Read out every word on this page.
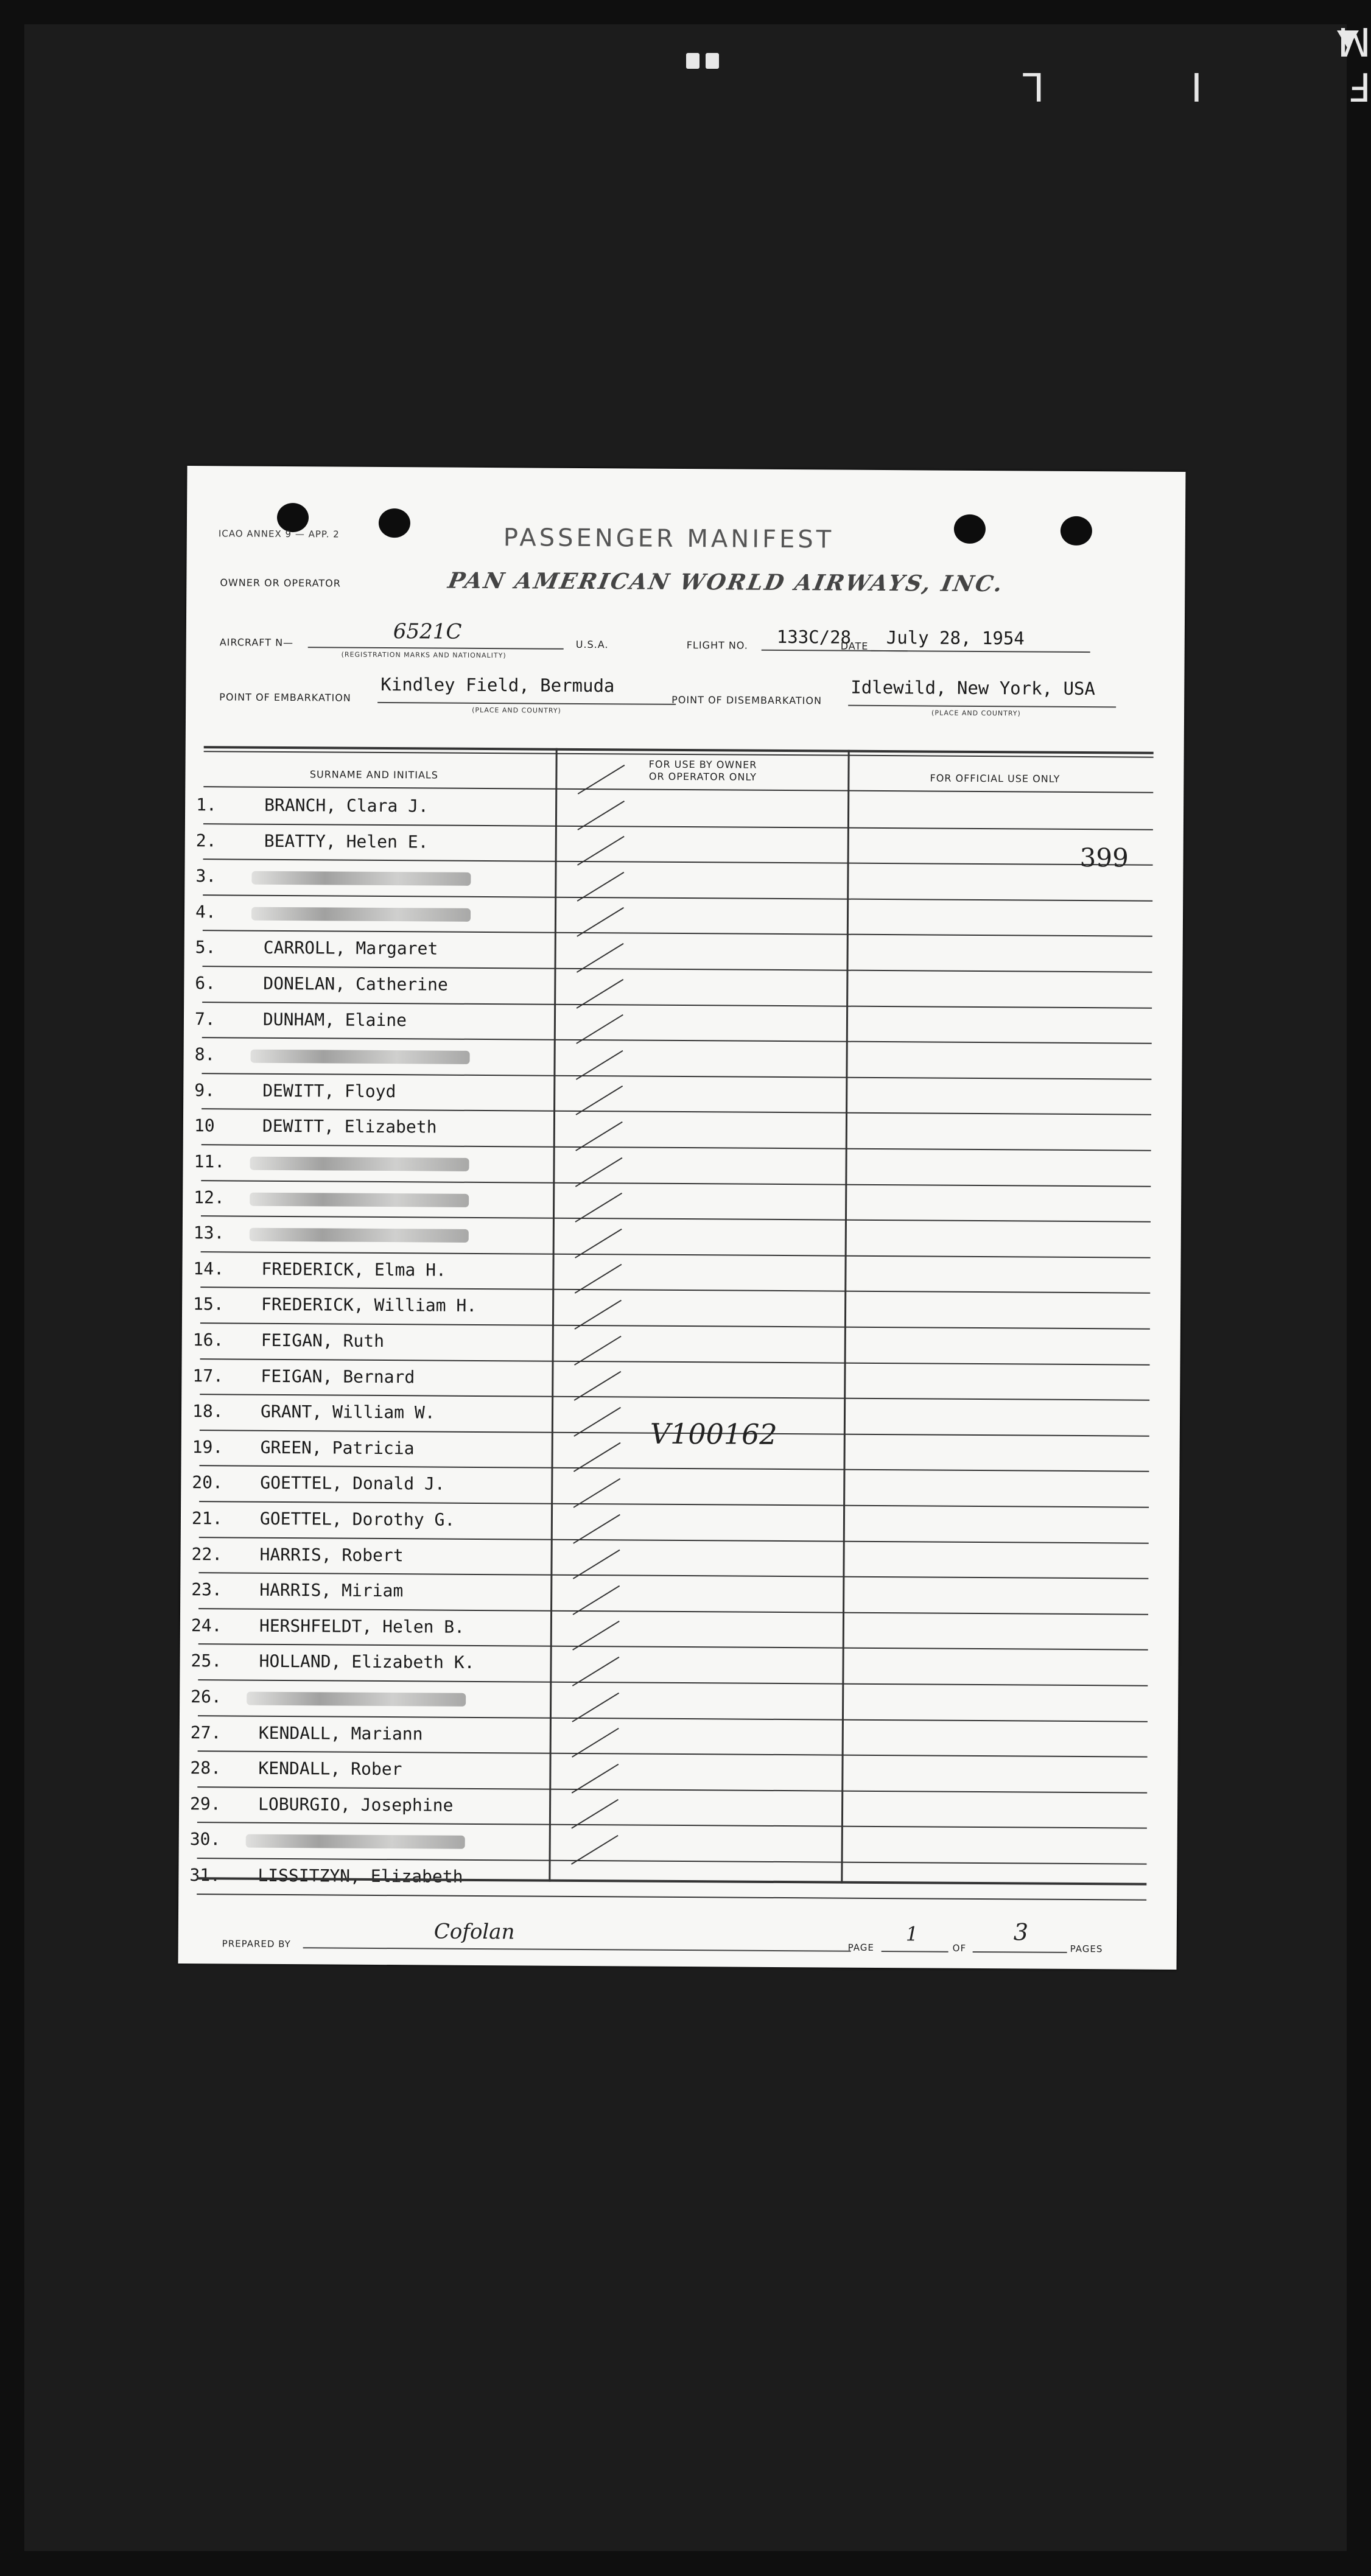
F I L M
ICAO ANNEX 9 — APP. 2	PASSENGER MANIFEST
OWNER OR OPERATOR	PAN AMERICAN WORLD AIRWAYS, INC.
AIRCRAFT N—	6521C
(REGISTRATION MARKS AND NATIONALITY)
U.S.A.	FLIGHT NO. 133C/28
DATE July 28, 1954
POINT OF EMBARKATION
Kindley Field, Bermuda
(PLACE AND COUNTRY)
POINT OF DISEMBARKATION
Idlewild, New York, USA
(PLACE AND COUNTRY)
SURNAME AND INITIALS
FOR USE BY OWNER
OR OPERATOR ONLY	FOR OFFICIAL USE ONLY
1.	BRANCH, Clara J.
2.	BEATTY, Helen E.
3.
4.
5.	CARROLL, Margaret
6.	DONELAN, Catherine
7.	DUNHAM, Elaine
8.
9.	DEWITT, Floyd
10	DEWITT, Elizabeth
11.
12.
13.
14. FREDERICK, Elma H.
15. FREDERICK, William H.
16. FEIGAN, Ruth
17. FEIGAN, Bernard
18. GRANT, William W.
19. GREEN, Patricia
20. GOETTEL, Donald J.
21. GOETTEL, Dorothy G.
22. HARRIS, Robert
23. HARRIS, Miriam
24. HERSHFELDT, Helen B.
25. HOLLAND, Elizabeth K.
26.
27. KENDALL, Mariann
28. KENDALL, Rober
29. LOBURGIO, Josephine
30.
31. LISSITZYN, Elizabeth
399
V100162
PREPARED BY	Cofolan
PAGE
1
OF
3
PAGES
